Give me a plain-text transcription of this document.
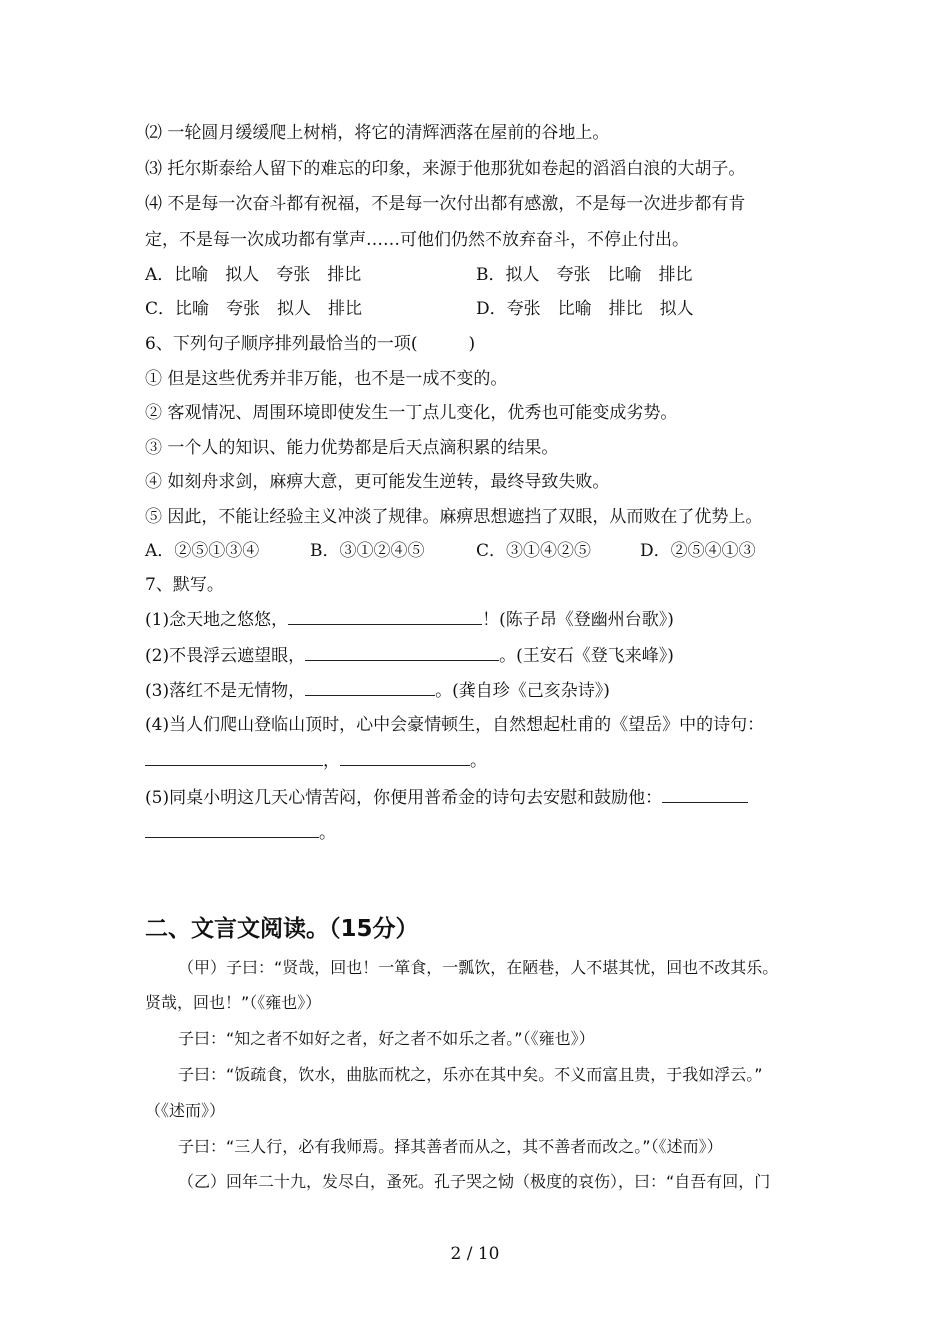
⑵ 一轮圆月缓缓爬上树梢，将它的清辉洒落在屋前的谷地上。
⑶ 托尔斯泰给人留下的难忘的印象，来源于他那犹如卷起的滔滔白浪的大胡子。
⑷ 不是每一次奋斗都有祝福，不是每一次付出都有感激，不是每一次进步都有肯
定，不是每一次成功都有掌声……可他们仍然不放弃奋斗，不停止付出。
A．比喻　拟人　夸张　排比	B．拟人　夸张　比喻　排比
C．比喻　夸张　拟人　排比	D．夸张　比喻　排比　拟人
6、下列句子顺序排列最恰当的一项(　　　)
① 但是这些优秀并非万能，也不是一成不变的。
② 客观情况、周围环境即使发生一丁点儿变化，优秀也可能变成劣势。
③ 一个人的知识、能力优势都是后天点滴积累的结果。
④ 如刻舟求剑，麻痹大意，更可能发生逆转，最终导致失败。
⑤ 因此，不能让经验主义冲淡了规律。麻痹思想遮挡了双眼，从而败在了优势上。
A．②⑤①③④	B．③①②④⑤	C．③①④②⑤	D．②⑤④①③
7、默写。
(1)念天地之悠悠，	！(陈子昂《登幽州台歌》)
(2)不畏浮云遮望眼，	。(王安石《登飞来峰》)
(3)落红不是无情物，	。(龚自珍《己亥杂诗》)
(4)当人们爬山登临山顶时，心中会豪情顿生，自然想起杜甫的《望岳》中的诗句：
，	。
(5)同桌小明这几天心情苦闷，你便用普希金的诗句去安慰和鼓励他：
。
二、文言文阅读。（15分）
（甲）子曰：“贤哉，回也！一箪食，一瓢饮，在陋巷，人不堪其忧，回也不改其乐。
贤哉，回也！”（《雍也》）
子曰：“知之者不如好之者，好之者不如乐之者。”（《雍也》）
子曰：“饭疏食，饮水，曲肱而枕之，乐亦在其中矣。不义而富且贵，于我如浮云。”
（《述而》）
子曰：“三人行，必有我师焉。择其善者而从之，其不善者而改之。”（《述而》）
（乙）回年二十九，发尽白，蚤死。孔子哭之恸（极度的哀伤），曰：“自吾有回，门
2 / 10
